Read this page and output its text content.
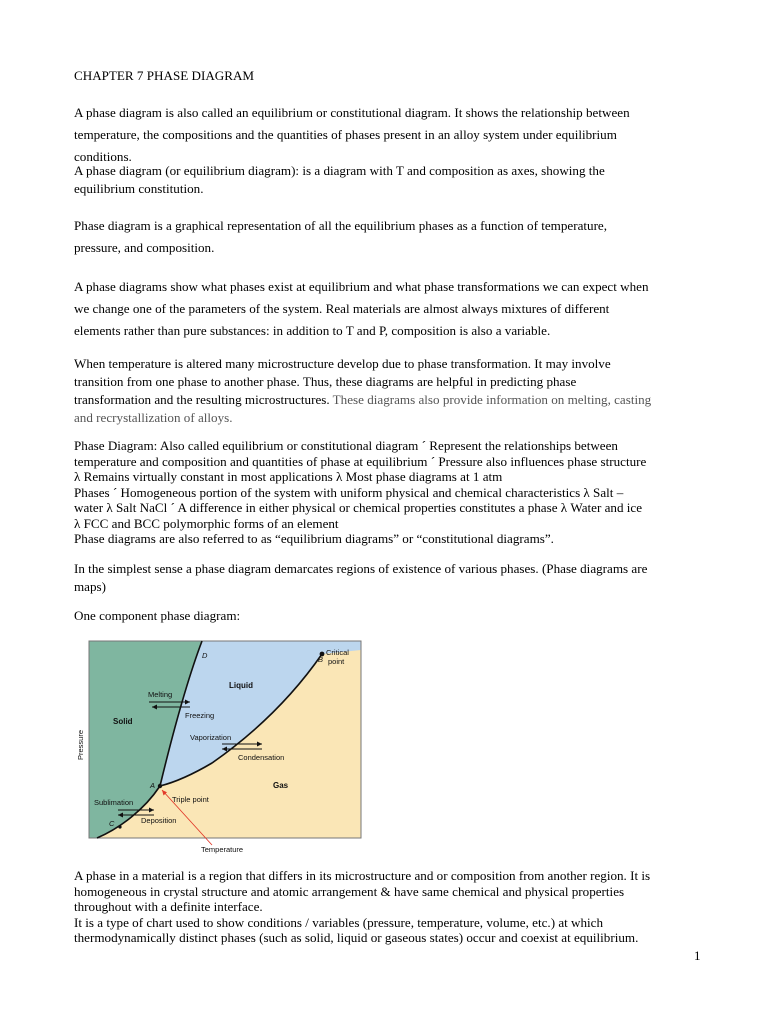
CHAPTER 7 PHASE DIAGRAM

A phase diagram is also called an equilibrium or constitutional diagram. It shows the relationship between
temperature, the compositions and the quantities of phases present in an alloy system under equilibrium
conditions.

A phase diagram (or equilibrium diagram): is a diagram with T and composition as axes, showing the
equilibrium constitution.

Phase diagram is a graphical representation of all the equilibrium phases as a function of temperature,
pressure, and composition.

A phase diagrams show what phases exist at equilibrium and what phase transformations we can expect when
we change one of the parameters of the system. Real materials are almost always mixtures of different
elements rather than pure substances: in addition to T and P, composition is also a variable.

When temperature is altered many microstructure develop due to phase transformation. It may involve
transition from one phase to another phase. Thus, these diagrams are helpful in predicting phase
transformation and the resulting microstructures. These diagrams also provide information on melting, casting
and recrystallization of alloys.

Phase Diagram: Also called equilibrium or constitutional diagram ´ Represent the relationships between
temperature and composition and quantities of phase at equilibrium ´ Pressure also influences phase structure
λ Remains virtually constant in most applications λ Most phase diagrams at 1 atm
Phases ´ Homogeneous portion of the system with uniform physical and chemical characteristics λ Salt –
water λ Salt NaCl ´ A difference in either physical or chemical properties constitutes a phase λ Water and ice
λ FCC and BCC polymorphic forms of an element
Phase diagrams are also referred to as “equilibrium diagrams” or “constitutional diagrams”.

In the simplest sense a phase diagram demarcates regions of existence of various phases. (Phase diagrams are
maps)

One component phase diagram:

Solid
Liquid
Gas
Melting
Freezing
Vaporization
Condensation
Sublimation
Deposition
Triple point
Critical
point
D
A
B
C
Temperature
Pressure

A phase in a material is a region that differs in its microstructure and or composition from another region. It is
homogeneous in crystal structure and atomic arrangement & have same chemical and physical properties
throughout with a definite interface.
It is a type of chart used to show conditions / variables (pressure, temperature, volume, etc.) at which
thermodynamically distinct phases (such as solid, liquid or gaseous states) occur and coexist at equilibrium.

1
